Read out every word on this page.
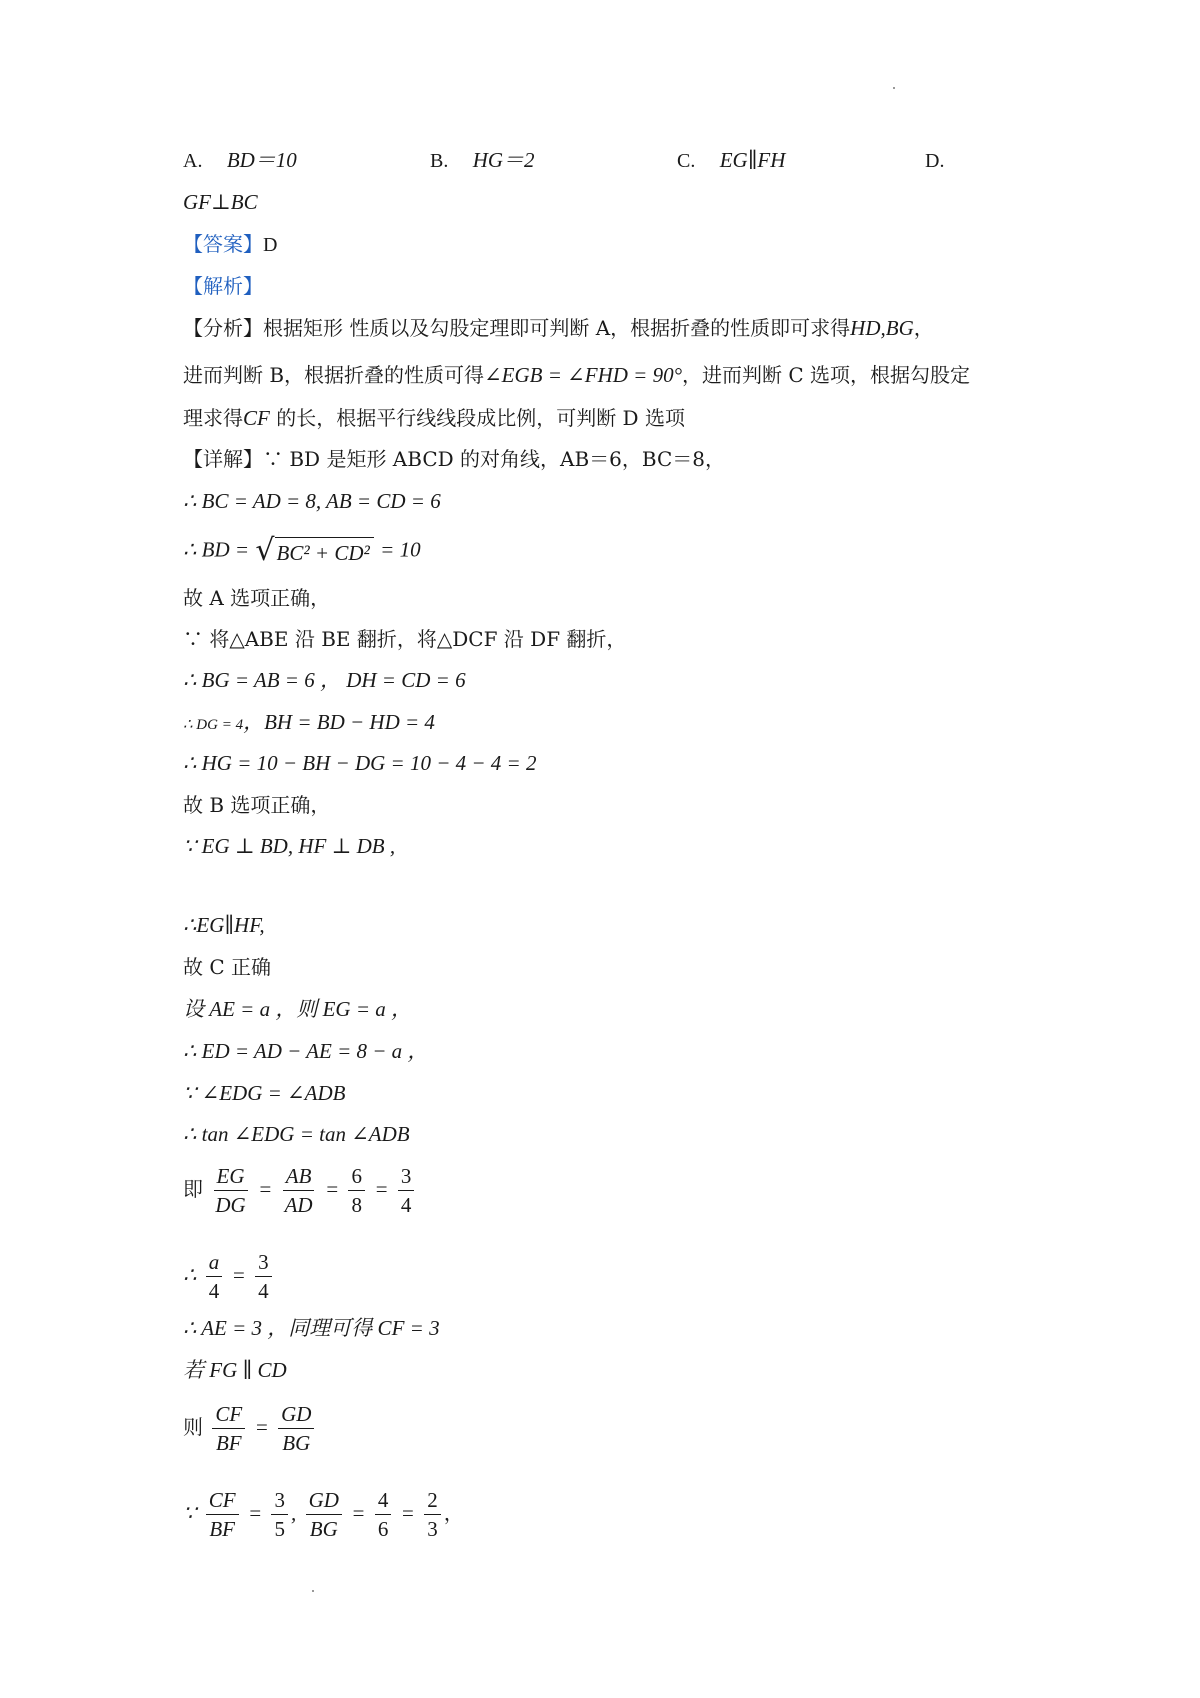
A. BD＝10	B. HG＝2	C. EG∥FH	D.
GF⊥BC
【答案】D
【解析】
【分析】根据矩形 性质以及勾股定理即可判断 A，根据折叠的性质即可求得HD,BG，
进而判断 B，根据折叠的性质可得∠EGB = ∠FHD = 90°，进而判断 C 选项，根据勾股定
理求得CF 的长，根据平行线线段成比例，可判断 D 选项
【详解】∵ BD 是矩形 ABCD 的对角线，AB＝6，BC＝8，
∴ BC = AD = 8, AB = CD = 6
∴ BD = √ BC² + CD² = 10
故 A 选项正确，
∵ 将△ABE 沿 BE 翻折，将△DCF 沿 DF 翻折，
∴ BG = AB = 6 ， DH = CD = 6
∴ DG = 4，BH = BD − HD = 4
∴ HG = 10 − BH − DG = 10 − 4 − 4 = 2
故 B 选项正确，
∵ EG ⊥ BD, HF ⊥ DB ,
∴EG∥HF,
故 C 正确
设 AE = a ，则 EG = a ，
∴ ED = AD − AE = 8 − a ，
∵ ∠EDG = ∠ADB
∴ tan ∠EDG = tan ∠ADB
即 $\frac{EG}{DG} = \frac{AB}{AD} = \frac{6}{8} = \frac{3}{4}$
∴ $\frac{a}{4} = \frac{3}{4}$
∴ AE = 3 ，同理可得 CF = 3
若 FG ∥ CD
则 $\frac{CF}{BF} = \frac{GD}{BG}$
∵ $\frac{CF}{BF} = \frac{3}{5}$ , $\frac{GD}{BG} = \frac{4}{6} = \frac{2}{3}$ ，
